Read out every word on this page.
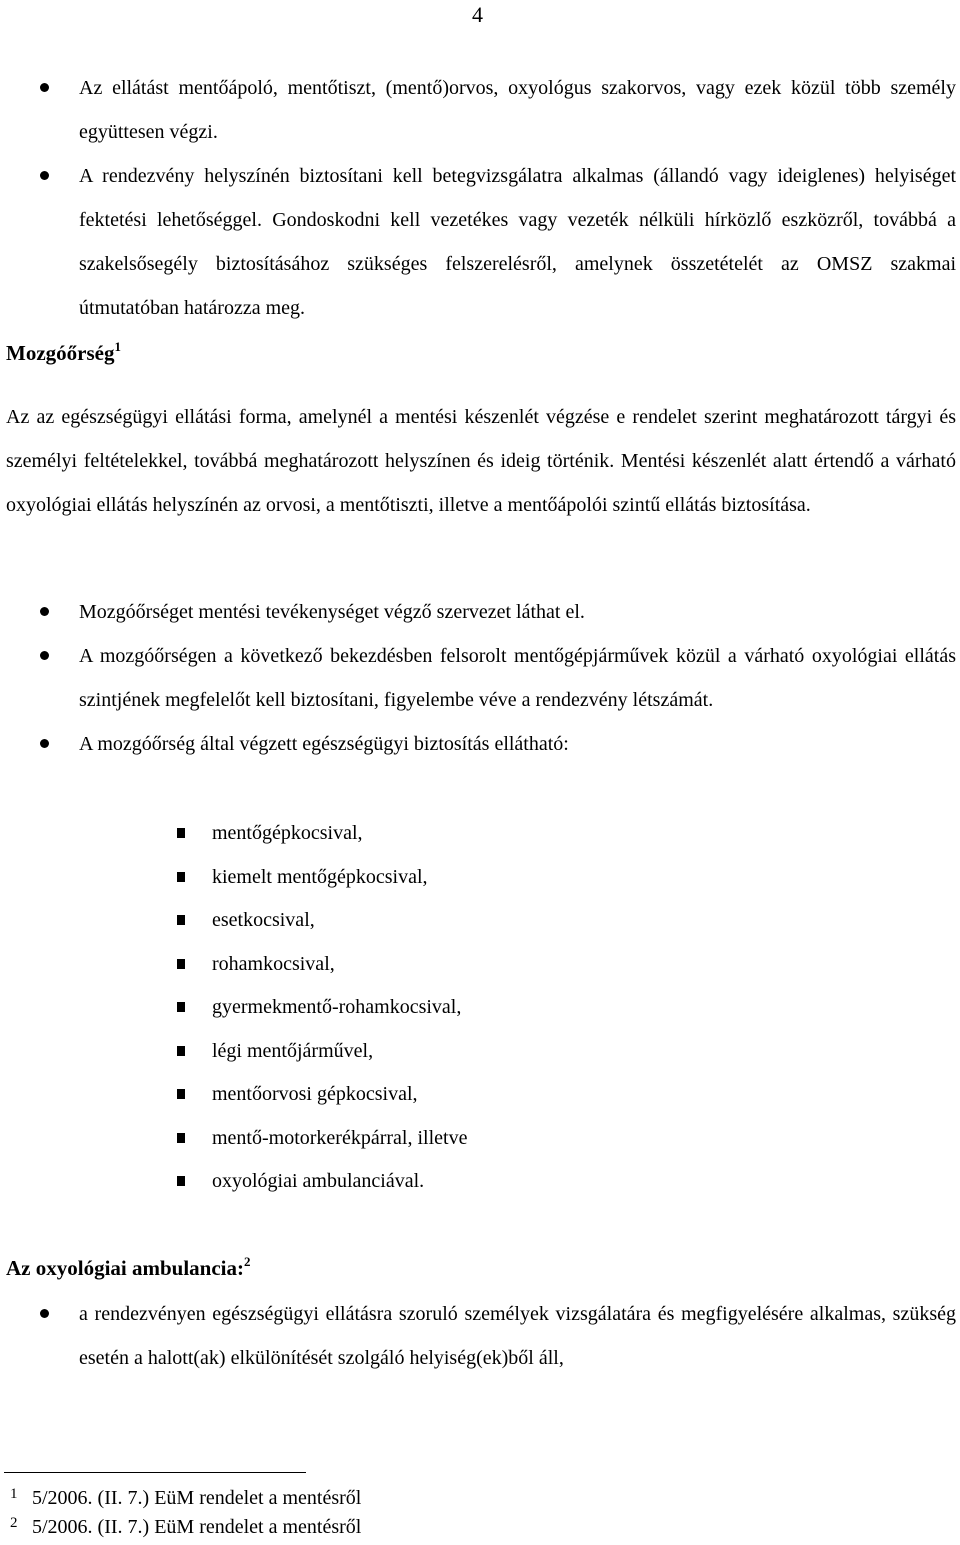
4
Az ellátást mentőápoló, mentőtiszt, (mentő)orvos, oxyológus szakorvos, vagy ezek közül több személy együttesen végzi.
A rendezvény helyszínén biztosítani kell betegvizsgálatra alkalmas (állandó vagy ideiglenes) helyiséget fektetési lehetőséggel. Gondoskodni kell vezetékes vagy vezeték nélküli hírközlő eszközről, továbbá a szakelsősegély biztosításához szükséges felszerelésről, amelynek összetételét az OMSZ szakmai útmutatóban határozza meg.
Mozgóőrség$^1$
Az az egészségügyi ellátási forma, amelynél a mentési készenlét végzése e rendelet szerint meghatározott tárgyi és személyi feltételekkel, továbbá meghatározott helyszínen és ideig történik. Mentési készenlét alatt értendő a várható oxyológiai ellátás helyszínén az orvosi, a mentőtiszti, illetve a mentőápolói szintű ellátás biztosítása.
Mozgóőrséget mentési tevékenységet végző szervezet láthat el.
A mozgóőrségen a következő bekezdésben felsorolt mentőgépjárművek közül a várható oxyológiai ellátás szintjének megfelelőt kell biztosítani, figyelembe véve a rendezvény létszámát.
A mozgóőrség által végzett egészségügyi biztosítás ellátható:
mentőgépkocsival,
kiemelt mentőgépkocsival,
esetkocsival,
rohamkocsival,
gyermekmentő-rohamkocsival,
légi mentőjárművel,
mentőorvosi gépkocsival,
mentő-motorkerékpárral, illetve
oxyológiai ambulanciával.
Az oxyológiai ambulancia:$^2$
a rendezvényen egészségügyi ellátásra szoruló személyek vizsgálatára és megfigyelésére alkalmas, szükség esetén a halott(ak) elkülönítését szolgáló helyiség(ek)ből áll,
1 5/2006. (II. 7.) EüM rendelet a mentésről
2 5/2006. (II. 7.) EüM rendelet a mentésről
